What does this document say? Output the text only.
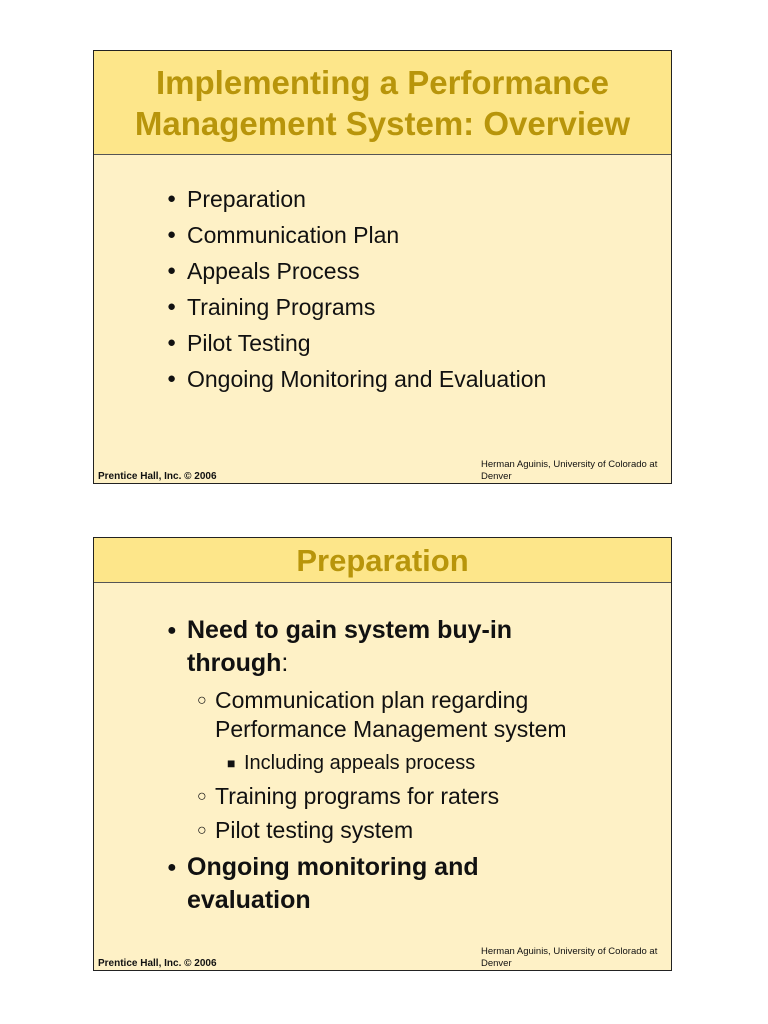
Implementing a Performance
Management System: Overview
● Preparation
● Communication Plan
● Appeals Process
● Training Programs
● Pilot Testing
● Ongoing Monitoring and Evaluation
Prentice Hall, Inc. © 2006
Herman Aguinis, University of Colorado at Denver
Preparation
● Need to gain system buy-in through:
○ Communication plan regarding Performance Management system
■ Including appeals process
○ Training programs for raters
○ Pilot testing system
● Ongoing monitoring and evaluation
Prentice Hall, Inc. © 2006
Herman Aguinis, University of Colorado at Denver
